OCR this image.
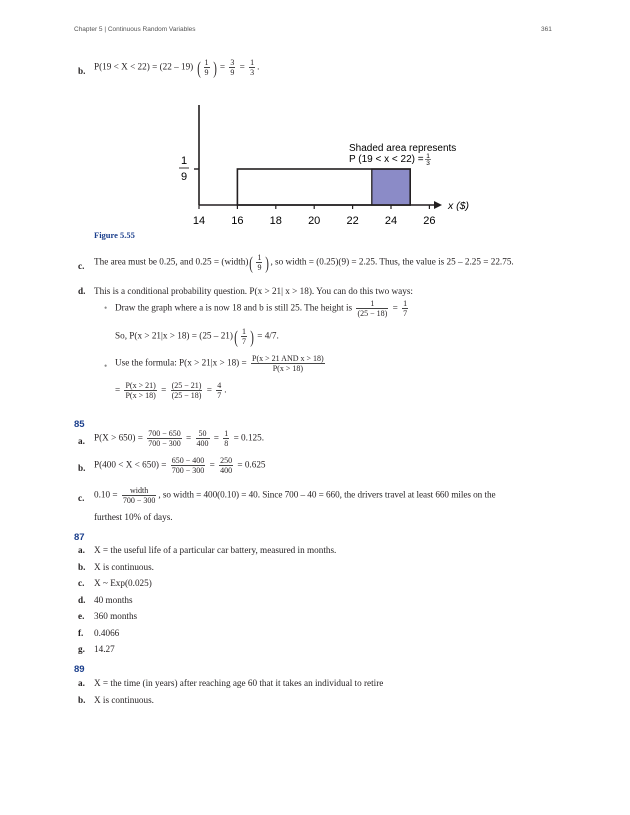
Chapter 5 | Continuous Random Variables	361
b. P(19 < X < 22) = (22 – 19) ( $\frac{1}{9}$ ) = $\frac{3}{9} = \frac{1}{3}$ .
14 16 18 20 22 24 26
1
9
x ($)
Shaded area represents
P (19 < x < 22) = 1
3
Figure 5.55
c. The area must be 0.25, and 0.25 = (width)( $\frac{1}{9}$ ), so width = (0.25)(9) = 2.25. Thus, the value is 25 – 2.25 = 22.75.
d. This is a conditional probability question. P(x > 21| x > 18). You can do this two ways:
• Draw the graph where a is now 18 and b is still 25. The height is $\frac{1}{(25 - 18)} = \frac{1}{7}$
So, $P(x > 21|x > 18) = (25 - 21)( \frac{1}{7}$ ) = 4/7.
• Use the formula: $P(x > 21|x > 18) = \frac{\text{P(x > 21 AND x > 18)}}{P(x > 18)}$
= $\frac{P(x > 21)}{P(x > 18)} = \frac{(25 - 21)}{(25 - 18)} = \frac{4}{7}$ .
85
a. $P(X > 650) = \frac{700 - 650}{700 - 300} = \frac{50}{400} = \frac{1}{8} = 0.125$.
b. $P(400 < X < 650) = \frac{650 - 400}{700 - 300} = \frac{250}{400} = 0.625$
c. $0.10 = \frac{\text{width}}{700 - 300}$ , so width = 400(0.10) = 40. Since 700 – 40 = 660, the drivers travel at least 660 miles on the
furthest 10% of days.
87
a. X = the useful life of a particular car battery, measured in months.
b. X is continuous.
c. X ~ Exp(0.025)
d. 40 months
e. 360 months
f. 0.4066
g. 14.27
89
a. X = the time (in years) after reaching age 60 that it takes an individual to retire
b. X is continuous.
